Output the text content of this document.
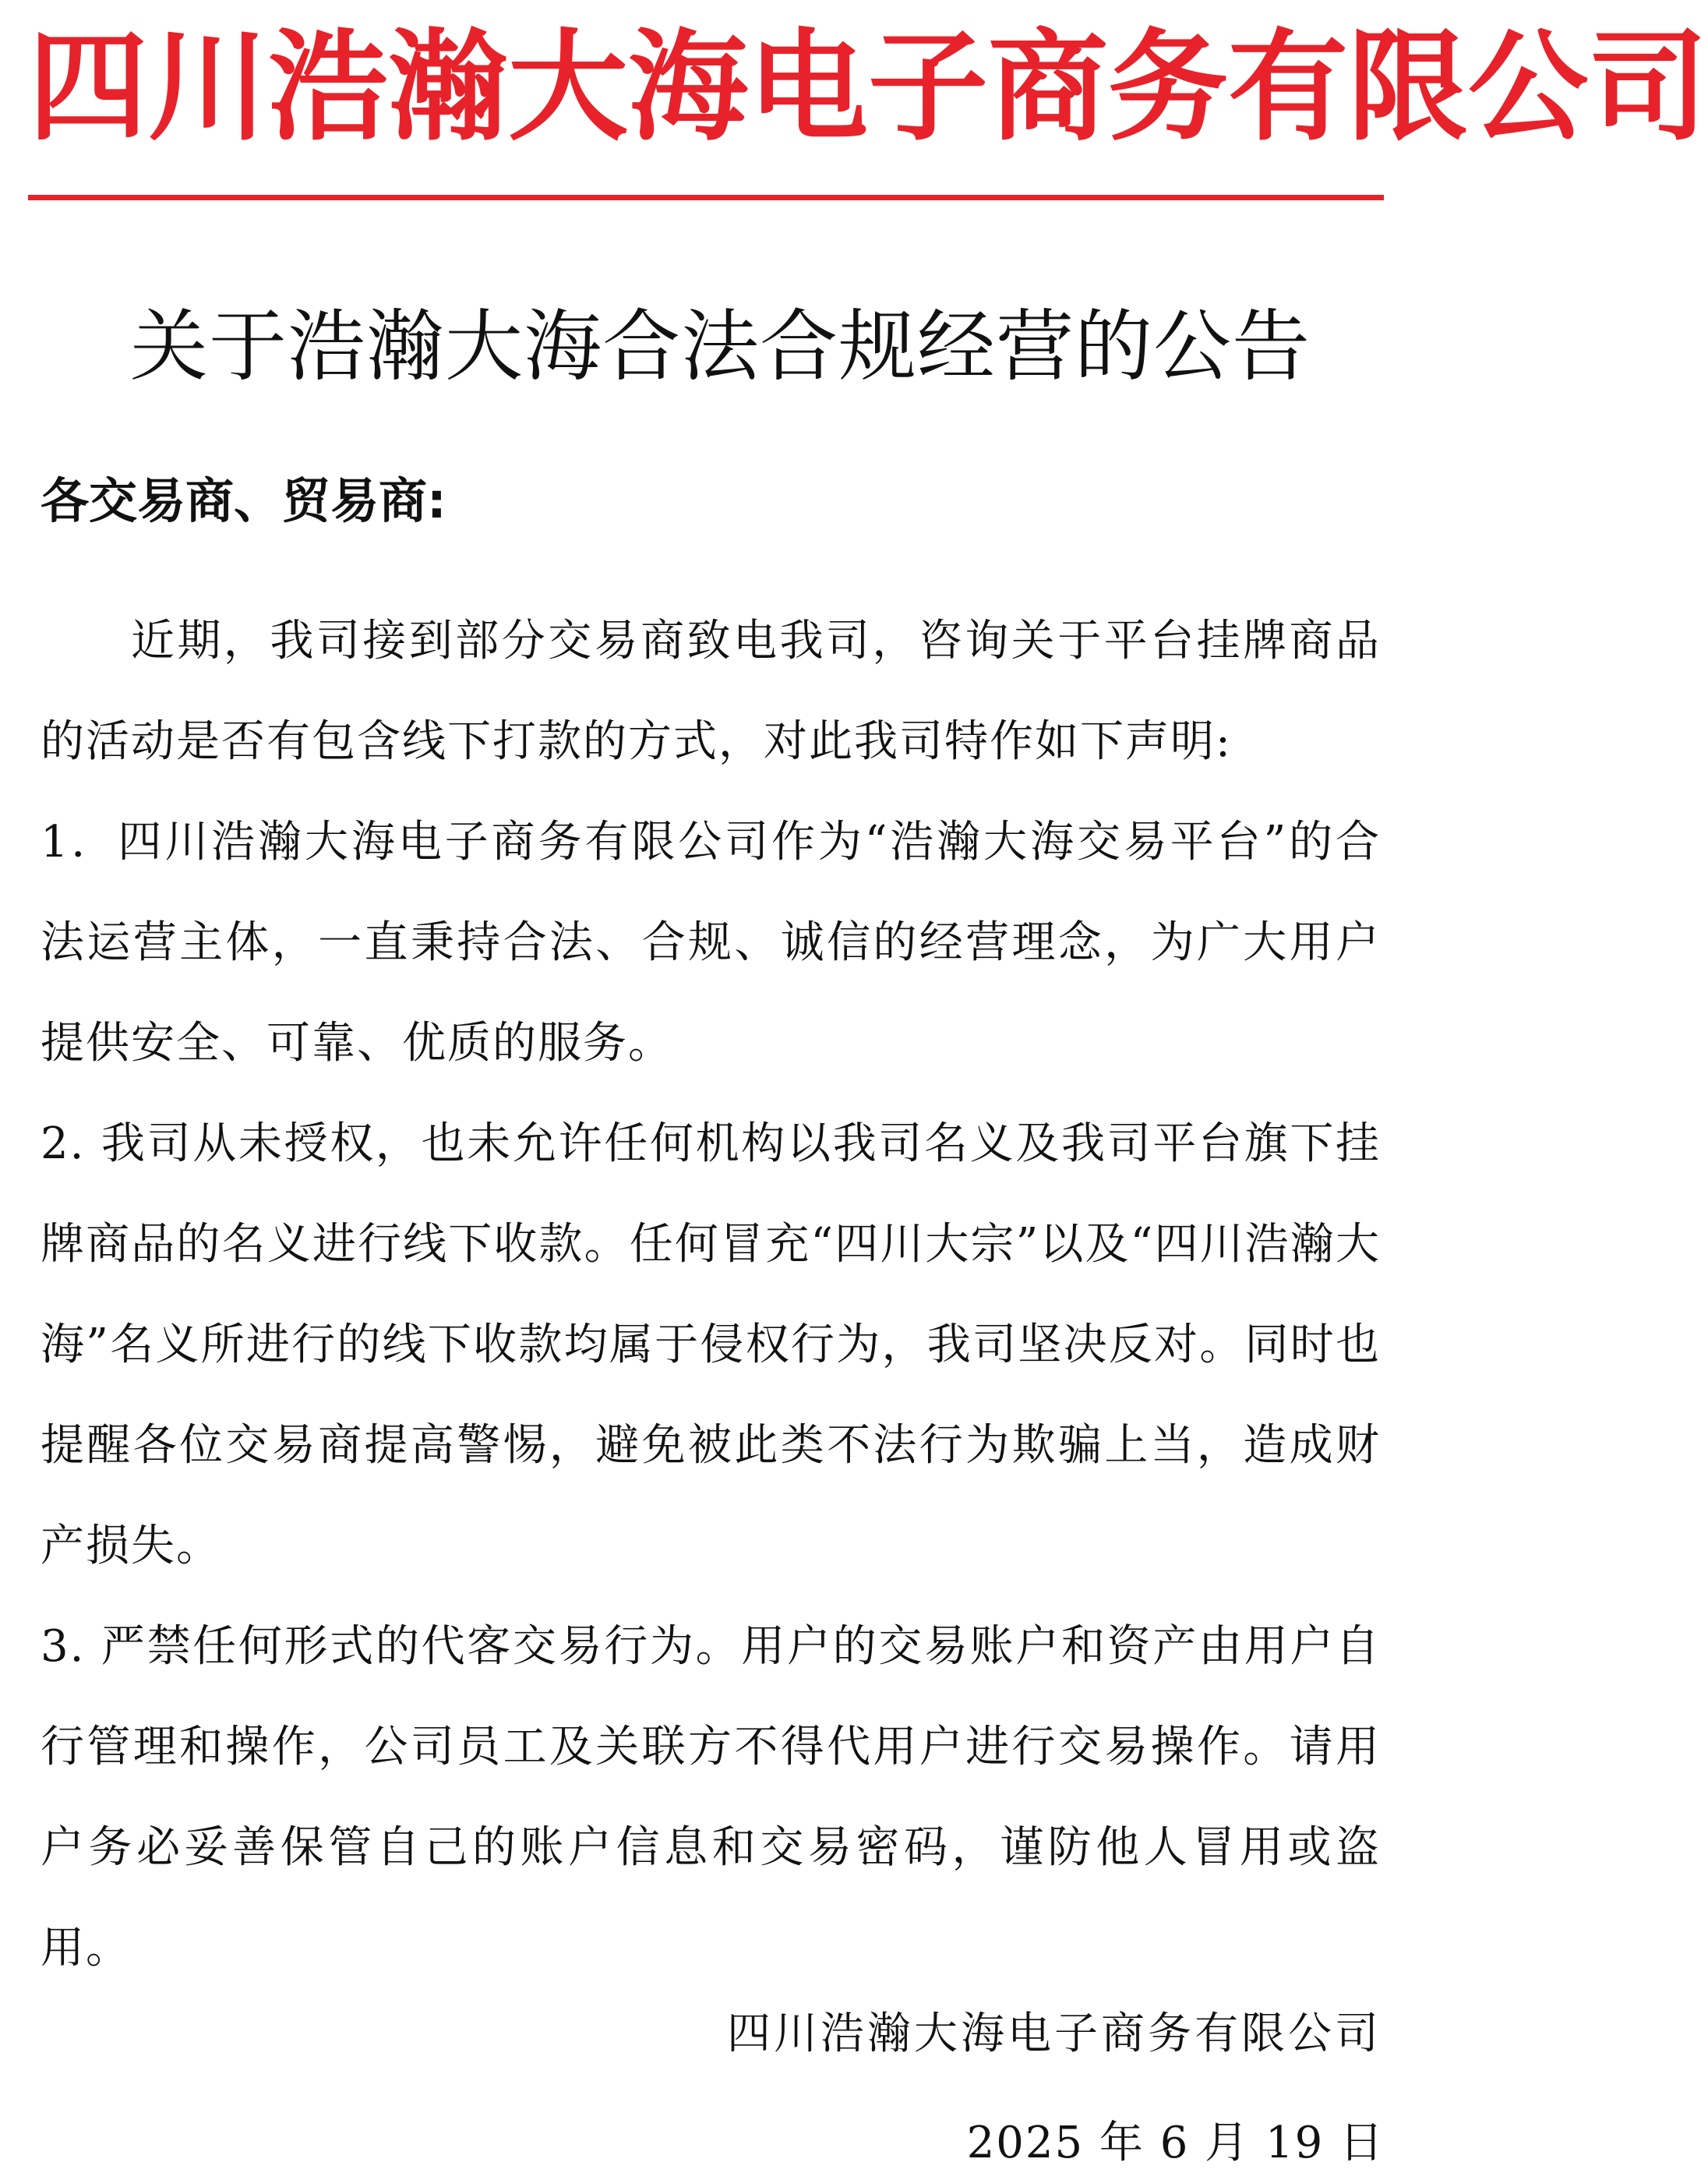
四川浩瀚大海电子商务有限公司
关于浩瀚大海合法合规经营的公告
各交易商、贸易商:

近期，我司接到部分交易商致电我司，咨询关于平台挂牌商品的活动是否有包含线下打款的方式，对此我司特作如下声明:

1．四川浩瀚大海电子商务有限公司作为“浩瀚大海交易平台”的合法运营主体，一直秉持合法、合规、诚信的经营理念，为广大用户提供安全、可靠、优质的服务。

2. 我司从未授权，也未允许任何机构以我司名义及我司平台旗下挂牌商品的名义进行线下收款。任何冒充“四川大宗”以及“四川浩瀚大海”名义所进行的线下收款均属于侵权行为，我司坚决反对。同时也提醒各位交易商提高警惕，避免被此类不法行为欺骗上当，造成财产损失。

3. 严禁任何形式的代客交易行为。用户的交易账户和资产由用户自行管理和操作，公司员工及关联方不得代用户进行交易操作。请用户务必妥善保管自己的账户信息和交易密码，谨防他人冒用或盗用。

四川浩瀚大海电子商务有限公司
2025 年 6 月 19 日
